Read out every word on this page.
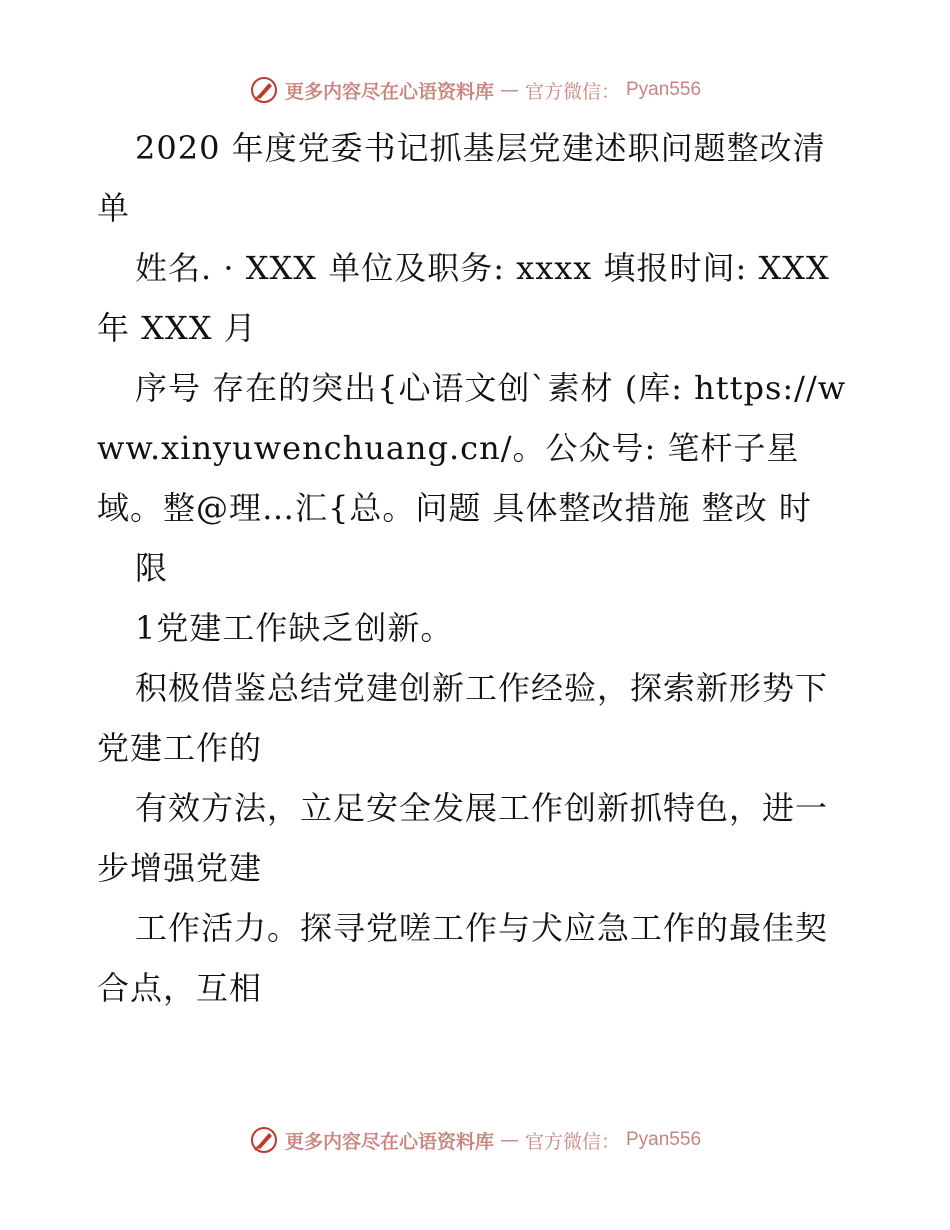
更多内容尽在心语资料库 — 官方微信： Pyan556

2020 年度党委书记抓基层党建述职问题整改清单

姓名. · XXX 单位及职务: xxxx 填报时间: XXX 年 XXX 月

序号 存在的突出{心语文创`素材 (库: https://www.xinyuwenchuang.cn/。公众号: 笔杆子星域。整@理…汇{总。问题 具体整改措施 整改 时

限

1党建工作缺乏创新。

积极借鉴总结党建创新工作经验，探索新形势下党建工作的

有效方法，立足安全发展工作创新抓特色，进一步增强党建

工作活力。探寻党嗟工作与犬应急工作的最佳契合点，互相

更多内容尽在心语资料库 — 官方微信： Pyan556
